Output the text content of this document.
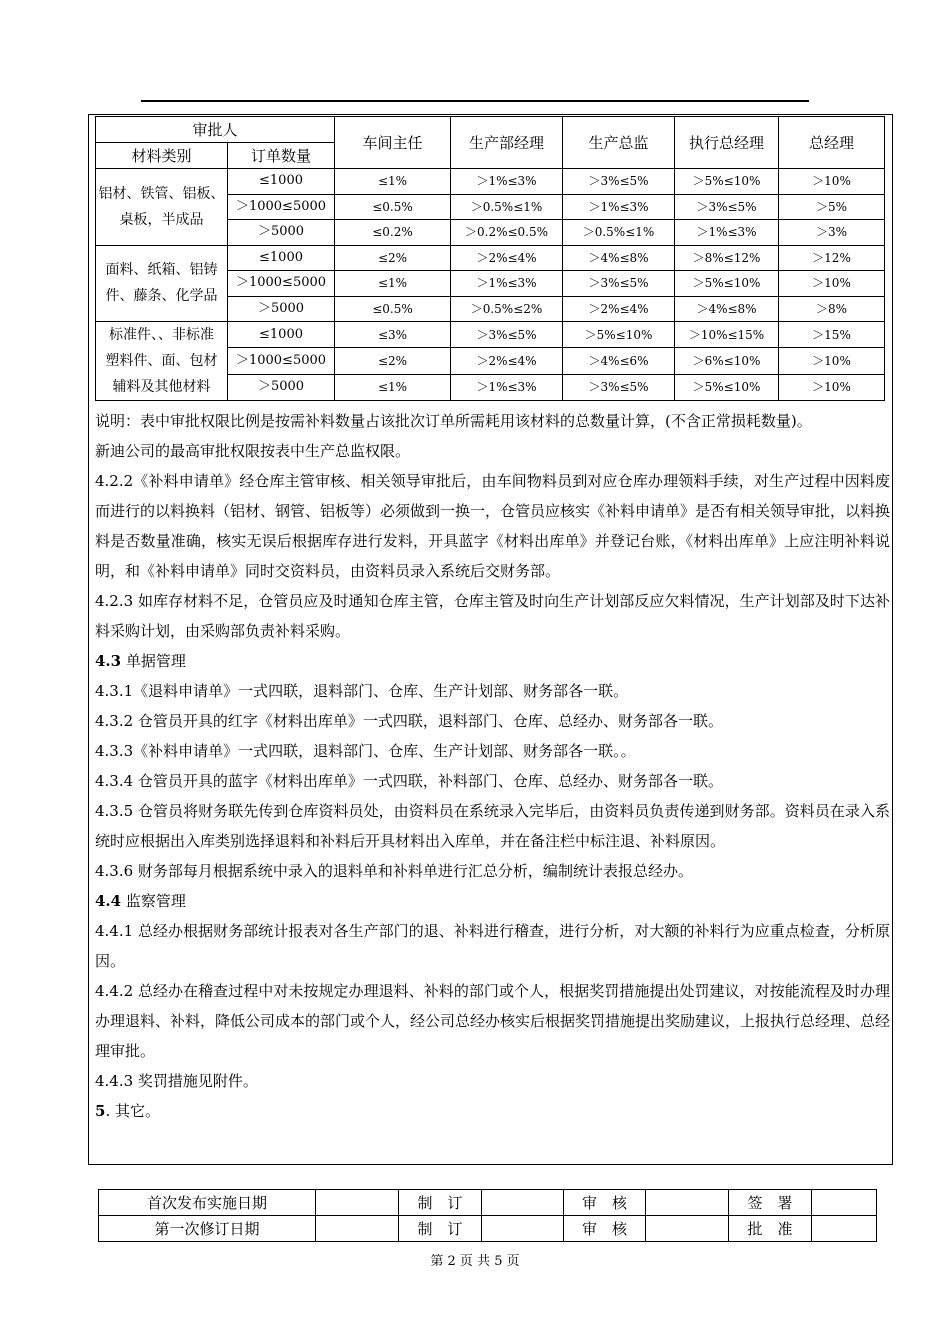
审批人		车间主任	生产部经理	生产总监	执行总经理	总经理
材料类别	订单数量					

铝材、铁管、铝板、
桌板，半成品	≤1000	≤1%	＞1%≤3%	＞3%≤5%	＞5%≤10%	＞10%
	＞1000≤5000	≤0.5%	＞0.5%≤1%	＞1%≤3%	＞3%≤5%	＞5%
	＞5000	≤0.2%	＞0.2%≤0.5%	＞0.5%≤1%	＞1%≤3%	＞3%

面料、纸箱、铝铸
件、藤条、化学品	≤1000	≤2%	＞2%≤4%	＞4%≤8%	＞8%≤12%	＞12%
	＞1000≤5000	≤1%	＞1%≤3%	＞3%≤5%	＞5%≤10%	＞10%
	＞5000	≤0.5%	＞0.5%≤2%	＞2%≤4%	＞4%≤8%	＞8%

标准件、、非标准
塑料件、面、包材
辅料及其他材料	≤1000	≤3%	＞3%≤5%	＞5%≤10%	＞10%≤15%	＞15%
	＞1000≤5000	≤2%	＞2%≤4%	＞4%≤6%	＞6%≤10%	＞10%
	＞5000	≤1%	＞1%≤3%	＞3%≤5%	＞5%≤10%	＞10%

说明：表中审批权限比例是按需补料数量占该批次订单所需耗用该材料的总数量计算，(不含正常损耗数量)。

新迪公司的最高审批权限按表中生产总监权限。

4.2.2《补料申请单》经仓库主管审核、相关领导审批后，由车间物料员到对应仓库办理领料手续，对生产过程中因料废而进行的以料换料（铝材、钢管、铝板等）必须做到一换一，仓管员应核实《补料申请单》是否有相关领导审批，以料换料是否数量准确，核实无误后根据库存进行发料，开具蓝字《材料出库单》并登记台账，《材料出库单》上应注明补料说明，和《补料申请单》同时交资料员，由资料员录入系统后交财务部。

4.2.3 如库存材料不足，仓管员应及时通知仓库主管，仓库主管及时向生产计划部反应欠料情况，生产计划部及时下达补料采购计划，由采购部负责补料采购。

4.3 单据管理

4.3.1《退料申请单》一式四联，退料部门、仓库、生产计划部、财务部各一联。

4.3.2 仓管员开具的红字《材料出库单》一式四联，退料部门、仓库、总经办、财务部各一联。

4.3.3《补料申请单》一式四联，退料部门、仓库、生产计划部、财务部各一联。。

4.3.4 仓管员开具的蓝字《材料出库单》一式四联，补料部门、仓库、总经办、财务部各一联。

4.3.5 仓管员将财务联先传到仓库资料员处，由资料员在系统录入完毕后，由资料员负责传递到财务部。资料员在录入系统时应根据出入库类别选择退料和补料后开具材料出入库单，并在备注栏中标注退、补料原因。

4.3.6 财务部每月根据系统中录入的退料单和补料单进行汇总分析，编制统计表报总经办。

4.4 监察管理

4.4.1 总经办根据财务部统计报表对各生产部门的退、补料进行稽查，进行分析，对大额的补料行为应重点检查，分析原因。

4.4.2 总经办在稽查过程中对未按规定办理退料、补料的部门或个人，根据奖罚措施提出处罚建议，对按能流程及时办理办理退料、补料，降低公司成本的部门或个人，经公司总经办核实后根据奖罚措施提出奖励建议，上报执行总经理、总经理审批。

4.4.3 奖罚措施见附件。

5. 其它。

首次发布实施日期		制　订		审　核		签　署	
第一次修订日期		制　订		审　核		批　准	
第 2 页 共 5 页
